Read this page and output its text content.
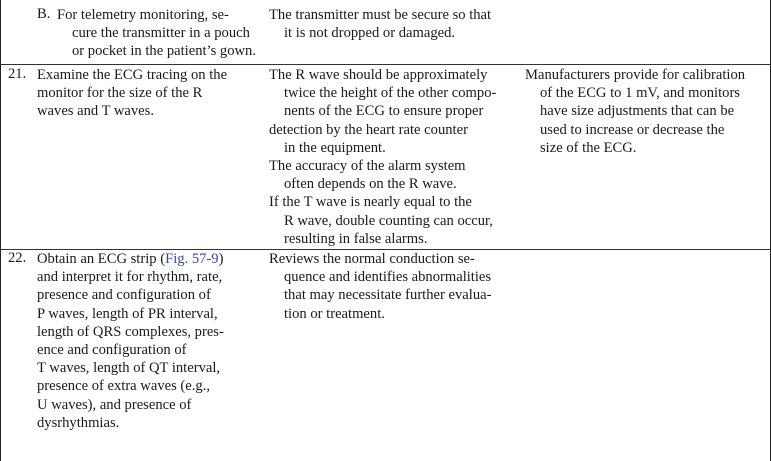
B. For telemetry monitoring, se-
cure the transmitter in a pouch
or pocket in the patient’s gown.
The transmitter must be secure so that
it is not dropped or damaged.
21. Examine the ECG tracing on the
monitor for the size of the R
waves and T waves.
The R wave should be approximately
twice the height of the other compo-
nents of the ECG to ensure proper
detection by the heart rate counter
in the equipment.
The accuracy of the alarm system
often depends on the R wave.
If the T wave is nearly equal to the
R wave, double counting can occur,
resulting in false alarms.
Manufacturers provide for calibration
of the ECG to 1 mV, and monitors
have size adjustments that can be
used to increase or decrease the
size of the ECG.
22. Obtain an ECG strip (Fig. 57-9)
and interpret it for rhythm, rate,
presence and configuration of
P waves, length of PR interval,
length of QRS complexes, pres-
ence and configuration of
T waves, length of QT interval,
presence of extra waves (e.g.,
U waves), and presence of
dysrhythmias.
Reviews the normal conduction se-
quence and identifies abnormalities
that may necessitate further evalua-
tion or treatment.
